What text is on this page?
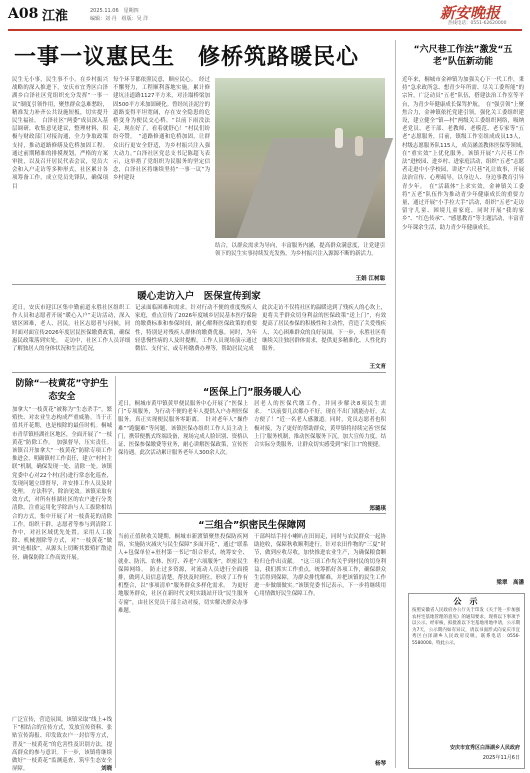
A08 江淮	2025.11.06　星期四
编辑：刘 丹　组版：吴 洋	新安晚报
热线电话：0551-62620000
一事一议惠民生　修桥筑路暖民心
民生无小事，民生事不小。在乡村振兴战略的深入推进下，安庆市宜秀区白泽湖乡白泽社区党组织充分发挥“一事一议”制度引领作用，聚焦群众急难愁盼，精准发力补齐公共设施短板，切实提升民生福祉。　白泽社区“两委”成员深入基层调研，收集意见建议，整理材料，积极与财政部门对接沟通，全力争取政策支持，推动道路修缮及危桥加固工程。通过前期精准的排摸规划，严格的方案审批，以及召开居民代表会议，党员大会和入户走访等多种形式，社区累计各项筹备工作，成立党员先锋队，确保项目
每个环节都依照民意，顺应民心。　经过不懈努力，工程顺利落地实施。累计修建坑洼道路1127平方米，对洼塌桥梁加固500平方米加固硬化。曾经坑洼泥泞的道路变得平坦宽阔，存在安全隐患的危桥变身为便民交心桥。“以前下雨没法走，现在好了，看着就舒心！”村民们纷纷夸赞。　“道路修通和危桥加固，让群众出行更安全舒适，为乡村振兴注入强大动力。”白泽社区党总支书记陈超飞表示，这举措了党组织为民服务的坚定信念，白泽社区将继续坚持“一事一议”为乡村建设
结合，以群众需求为导向，丰富服务内涵，提高群众满意度，让党建引领下的民生实事持续发光发热，为乡村振兴注入源源不断的新活力。
王娟 江树聪
暖心走访入户　医保宣传到家
近日，安庆市迎江区集中勤前道永胜社区组织工作人员和志愿者开展“暖心入户”走访活动，深入辖区困难，老人、居民。社区志愿者与问候，同时面对面宣传2026年度居民医保缴费政策，确保惠民政策落到实处。　走访中，社区工作人员详细了解独居人的身体状况和生活近况，
记录面临困难和需求。针对行动不便的重度残疾人家庭，重点宣传了2026年度城乡居民基本医疗保险的缴费标准和参保时间，耐心解释医保政策的重要性，特别是对残疾人群体的缴费优惠。同时，为年轻患慢性病的人及时提醒，工作人员现场演示通过微信、支付宝，或专柜缴费办理等，帮助居民完成
此次走访不仅将社区的温暖送到了残疾人的心坎上，更将关乎群众切身利益的医保政策“送上门”，有效提高了居民参保的积极性和主动性，营造了关爱残疾人、关心困难群众的良好氛围。下一步，永胜社区将继续关注独居群体需求，提供更多精准化、人性化的服务。
王文育
防除“一枝黄花”守护生态安全
加拿大“一枝黄花”被称为“生态杀手”，繁殖快、对农业生态构成严重威胁。当于正值其开花期，也是根除的最佳时机。桐城市青草镇桂湖社区地区，全面开展了“一枝黄花”防除工作。　加强督导，压实责任。该镇召开加拿大“一枝黄花”防除专项工作推进会，明确镇村工作责任，建立“村村主联”机制，确保发现一处、清除一处。该镇党委中心对22个村(居)进行常态化巡查，发现问题立即督导，并安排工作人员及时处理。　方法科学，除治见效。该镇采取有效方式，对所有桂湖社区的农户进行分类清除，注重运用化学除治与人工拔除相结合的方式，集中开展了对一枝黄花的清除工作，组织干群、志愿者等参与到清除工作中，对社区域优先处置。采用人工拔除、机械割除等方式，对“一枝黄花”做到“连根拔”，从源头上切断其繁殖扩散途径，确保防除工作高效开展。
广泛宣传，营造氛围。该镇采取“线上+线下”相结合的宣传方式，发放宣传资料、张贴宣传海报、印发致农户一封信等方式，普及“一枝黄花”的危害性及识别方法，提高群众的参与意识。下一步，该镇将继续做好“一枝黄花”监测巡查，筑牢生态安全屏障。	刘晓
“医保上门”服务暖人心
近日，桐城市黄甲镇黄甲便民服务中心开展了“医保上门”专项服务，为行动不便的老年人提供入户办理医保服务，真正实现便民服务零距离。　针对老年人“操作难”“跑腿难”等问题，该镇医保办组织工作人员主动上门，携带便携式终端设备，现场完成人脸识别、资格认证、医保参保缴费等业务，耐心讲解医保政策，宣传医保待遇。此次活动累计服务老年人300余人次。
居老人的医保代缴工作，并同步解决8项民生需求。　“以前要几次都办不好，现在不出门就能办好，太方便了！”近一名老人感激道。同时，党员志愿者也积极对接，为了更好的帮助群众，黄甲镇将持续完善‘医保上门’服务机制，推动医保服务下沉，加大宣传力度，结合实际分类服务，让群众切实感受到“家门口”的便捷。
郑璐琪
“三组合”织密民生保障网
当前正值秋收关键期，桐城市新渡镇聚焦投保防疾网络，实施防灾减灾与民生保障“多面开花”，通过“联系人+包保单位+驻村第一书记”组合形式，统筹安全、就业、防汛、农林、医疗、养老“六项服务”，织密民生保障网络。　防止过多资源，对流动人员进行全面摸排，做到人员信息清楚，帮扶及时到位，形成了工作有机整合，以“事项清单”服务群众多样化需求。　为更好地服务群众，社区在新时代文明实践站开设“民生服务专窗”，由社区党员干部主动对接，切实解决群众办事难题。
干部纠结手持小喇叭在田间走，同时与农民群众一起协助抢收，保障秋收顺利进行。针对农田作物的“三夏”时节，做到应收尽收，加快推进农业生产，为确保粮食颗粒归仓作出贡献。　“这三项工作均关乎到村民的切身利益，我们抓实工作重点，统筹抓好各项工作，确保群众生活得到保障，为群众排忧解难，并把该镇的民生工作进一步做细做实。”该镇党委书记表示，下一步将继续用心用情做好民生保障工作。
杨琴
“六尺巷工作法”激发“五老”队伍新动能
近年来，桐城市金神镇为加强关心下一代工作，秉持“急求政所急、想青少年所需、尽关工委所能”的宗旨，广泛动员“五老”队伍，搭建法治工作室等平台，为青少年健康成长保驾护航。　在“强引领”上聚焦合力，金神镇依托党建引领，强化关工委组织建设，建立健全“镇—村”两级关工委组织网络，吸纳老党员、老干部、老教师、老模范、老专家等“五老”志愿服务，目前，镇级工作室组成成员13人，村级志愿服务队115人，成员涵盖教体医保等领域。　在“重实效”上优化服务，该镇开展“六尺巷工作法”进校园、进乡村、进家庭活动，组织“五老”志愿者走进中小学校园，讲述“六尺巷”礼让故事，开展法治宣传、心理疏导，以身边人、身边事教育引导青少年。　在“活载体”上求实效，金神镇关工委将“五老”队伍作为推动青少年健康成长的重要力量，通过开展“小手拉大手”活动，组织“五老”走访留守儿童、困境儿童家庭，同时开展“我的家乡”、“红色传承”、“感恩教育”等主题活动，丰富青少年课余生活，助力青少年健康成长。
梁翠　高潘
公　示
按照安徽省人民政府办公厅关于印发《关于进一步加强农村宅基地管理的意见》的通知要求，现将以下事项予以公示。经审核，拟批准以下宅基地用地申请，公示期为7天，公示期内如有异议，请以书面形式向安庆市宜秀区白泽湖乡人民政府反映。联系电话：0556-5580000。特此公示。
安庆市宜秀区白泽湖乡人民政府
2025年11月6日
